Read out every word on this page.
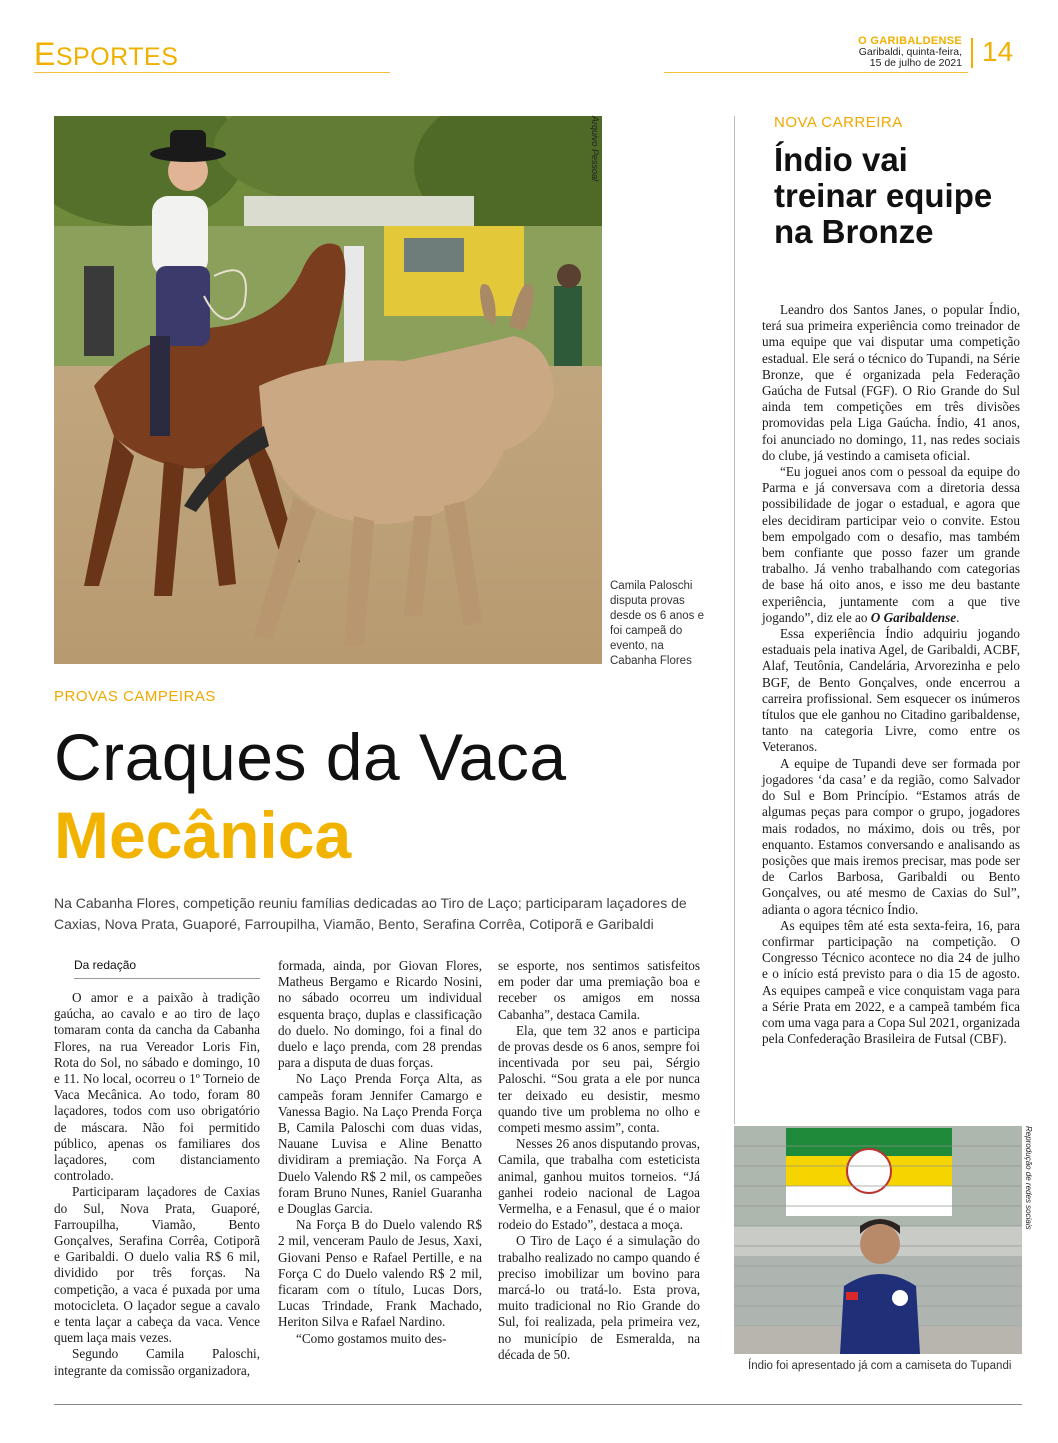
ESPORTES
O GARIBALDENSE
Garibaldi, quinta-feira,
15 de julho de 2021 14
Arquivo Pessoal
Camila Paloschi disputa provas desde os 6 anos e foi campeã do evento, na Cabanha Flores
PROVAS CAMPEIRAS
Craques da Vaca
Mecânica
Na Cabanha Flores, competição reuniu famílias dedicadas ao Tiro de Laço; participaram laçadores de Caxias, Nova Prata, Guaporé, Farroupilha, Viamão, Bento, Serafina Corrêa, Cotiporã e Garibaldi
Da redação

O amor e a paixão à tradição gaúcha, ao cavalo e ao tiro de laço tomaram conta da cancha da Cabanha Flores, na rua Vereador Loris Fin, Rota do Sol, no sábado e domingo, 10 e 11. No local, ocorreu o 1º Torneio de Vaca Mecânica. Ao todo, foram 80 laçadores, todos com uso obrigatório de máscara. Não foi permitido público, apenas os familiares dos laçadores, com distanciamento controlado.

Participaram laçadores de Caxias do Sul, Nova Prata, Guaporé, Farroupilha, Viamão, Bento Gonçalves, Serafina Corrêa, Cotiporã e Garibaldi. O duelo valia R$ 6 mil, dividido por três forças. Na competição, a vaca é puxada por uma motocicleta. O laçador segue a cavalo e tenta laçar a cabeça da vaca. Vence quem laça mais vezes.

Segundo Camila Paloschi, integrante da comissão organizadora,

formada, ainda, por Giovan Flores, Matheus Bergamo e Ricardo Nosini, no sábado ocorreu um individual esquenta braço, duplas e classificação do duelo. No domingo, foi a final do duelo e laço prenda, com 28 prendas para a disputa de duas forças.

No Laço Prenda Força Alta, as campeãs foram Jennifer Camargo e Vanessa Bagio. Na Laço Prenda Força B, Camila Paloschi com duas vidas, Nauane Luvisa e Aline Benatto dividiram a premiação. Na Força A Duelo Valendo R$ 2 mil, os campeões foram Bruno Nunes, Raniel Guaranha e Douglas Garcia.

Na Força B do Duelo valendo R$ 2 mil, venceram Paulo de Jesus, Xaxi, Giovani Penso e Rafael Pertille, e na Força C do Duelo valendo R$ 2 mil, ficaram com o título, Lucas Dors, Lucas Trindade, Frank Machado, Heriton Silva e Rafael Nardino.

“Como gostamos muito des-

se esporte, nos sentimos satisfeitos em poder dar uma premiação boa e receber os amigos em nossa Cabanha”, destaca Camila.

Ela, que tem 32 anos e participa de provas desde os 6 anos, sempre foi incentivada por seu pai, Sérgio Paloschi. “Sou grata a ele por nunca ter deixado eu desistir, mesmo quando tive um problema no olho e competi mesmo assim”, conta.

Nesses 26 anos disputando provas, Camila, que trabalha com esteticista animal, ganhou muitos torneios. “Já ganhei rodeio nacional de Lagoa Vermelha, e a Fenasul, que é o maior rodeio do Estado”, destaca a moça.

O Tiro de Laço é a simulação do trabalho realizado no campo quando é preciso imobilizar um bovino para marcá-lo ou tratá-lo. Esta prova, muito tradicional no Rio Grande do Sul, foi realizada, pela primeira vez, no município de Esmeralda, na década de 50.

NOVA CARREIRA
Índio vai treinar equipe na Bronze

Leandro dos Santos Janes, o popular Índio, terá sua primeira experiência como treinador de uma equipe que vai disputar uma competição estadual. Ele será o técnico do Tupandi, na Série Bronze, que é organizada pela Federação Gaúcha de Futsal (FGF). O Rio Grande do Sul ainda tem competições em três divisões promovidas pela Liga Gaúcha. Índio, 41 anos, foi anunciado no domingo, 11, nas redes sociais do clube, já vestindo a camiseta oficial.

“Eu joguei anos com o pessoal da equipe do Parma e já conversava com a diretoria dessa possibilidade de jogar o estadual, e agora que eles decidiram participar veio o convite. Estou bem empolgado com o desafio, mas também bem confiante que posso fazer um grande trabalho. Já venho trabalhando com categorias de base há oito anos, e isso me deu bastante experiência, juntamente com a que tive jogando”, diz ele ao O Garibaldense.

Essa experiência Índio adquiriu jogando estaduais pela inativa Agel, de Garibaldi, ACBF, Alaf, Teutônia, Candelária, Arvorezinha e pelo BGF, de Bento Gonçalves, onde encerrou a carreira profissional. Sem esquecer os inúmeros títulos que ele ganhou no Citadino garibaldense, tanto na categoria Livre, como entre os Veteranos.

A equipe de Tupandi deve ser formada por jogadores ‘da casa’ e da região, como Salvador do Sul e Bom Princípio. “Estamos atrás de algumas peças para compor o grupo, jogadores mais rodados, no máximo, dois ou três, por enquanto. Estamos conversando e analisando as posições que mais iremos precisar, mas pode ser de Carlos Barbosa, Garibaldi ou Bento Gonçalves, ou até mesmo de Caxias do Sul”, adianta o agora técnico Índio.

As equipes têm até esta sexta-feira, 16, para confirmar participação na competição. O Congresso Técnico acontece no dia 24 de julho e o início está previsto para o dia 15 de agosto. As equipes campeã e vice conquistam vaga para a Série Prata em 2022, e a campeã também fica com uma vaga para a Copa Sul 2021, organizada pela Confederação Brasileira de Futsal (CBF).

Reprodução de redes sociais
Índio foi apresentado já com a camiseta do Tupandi
